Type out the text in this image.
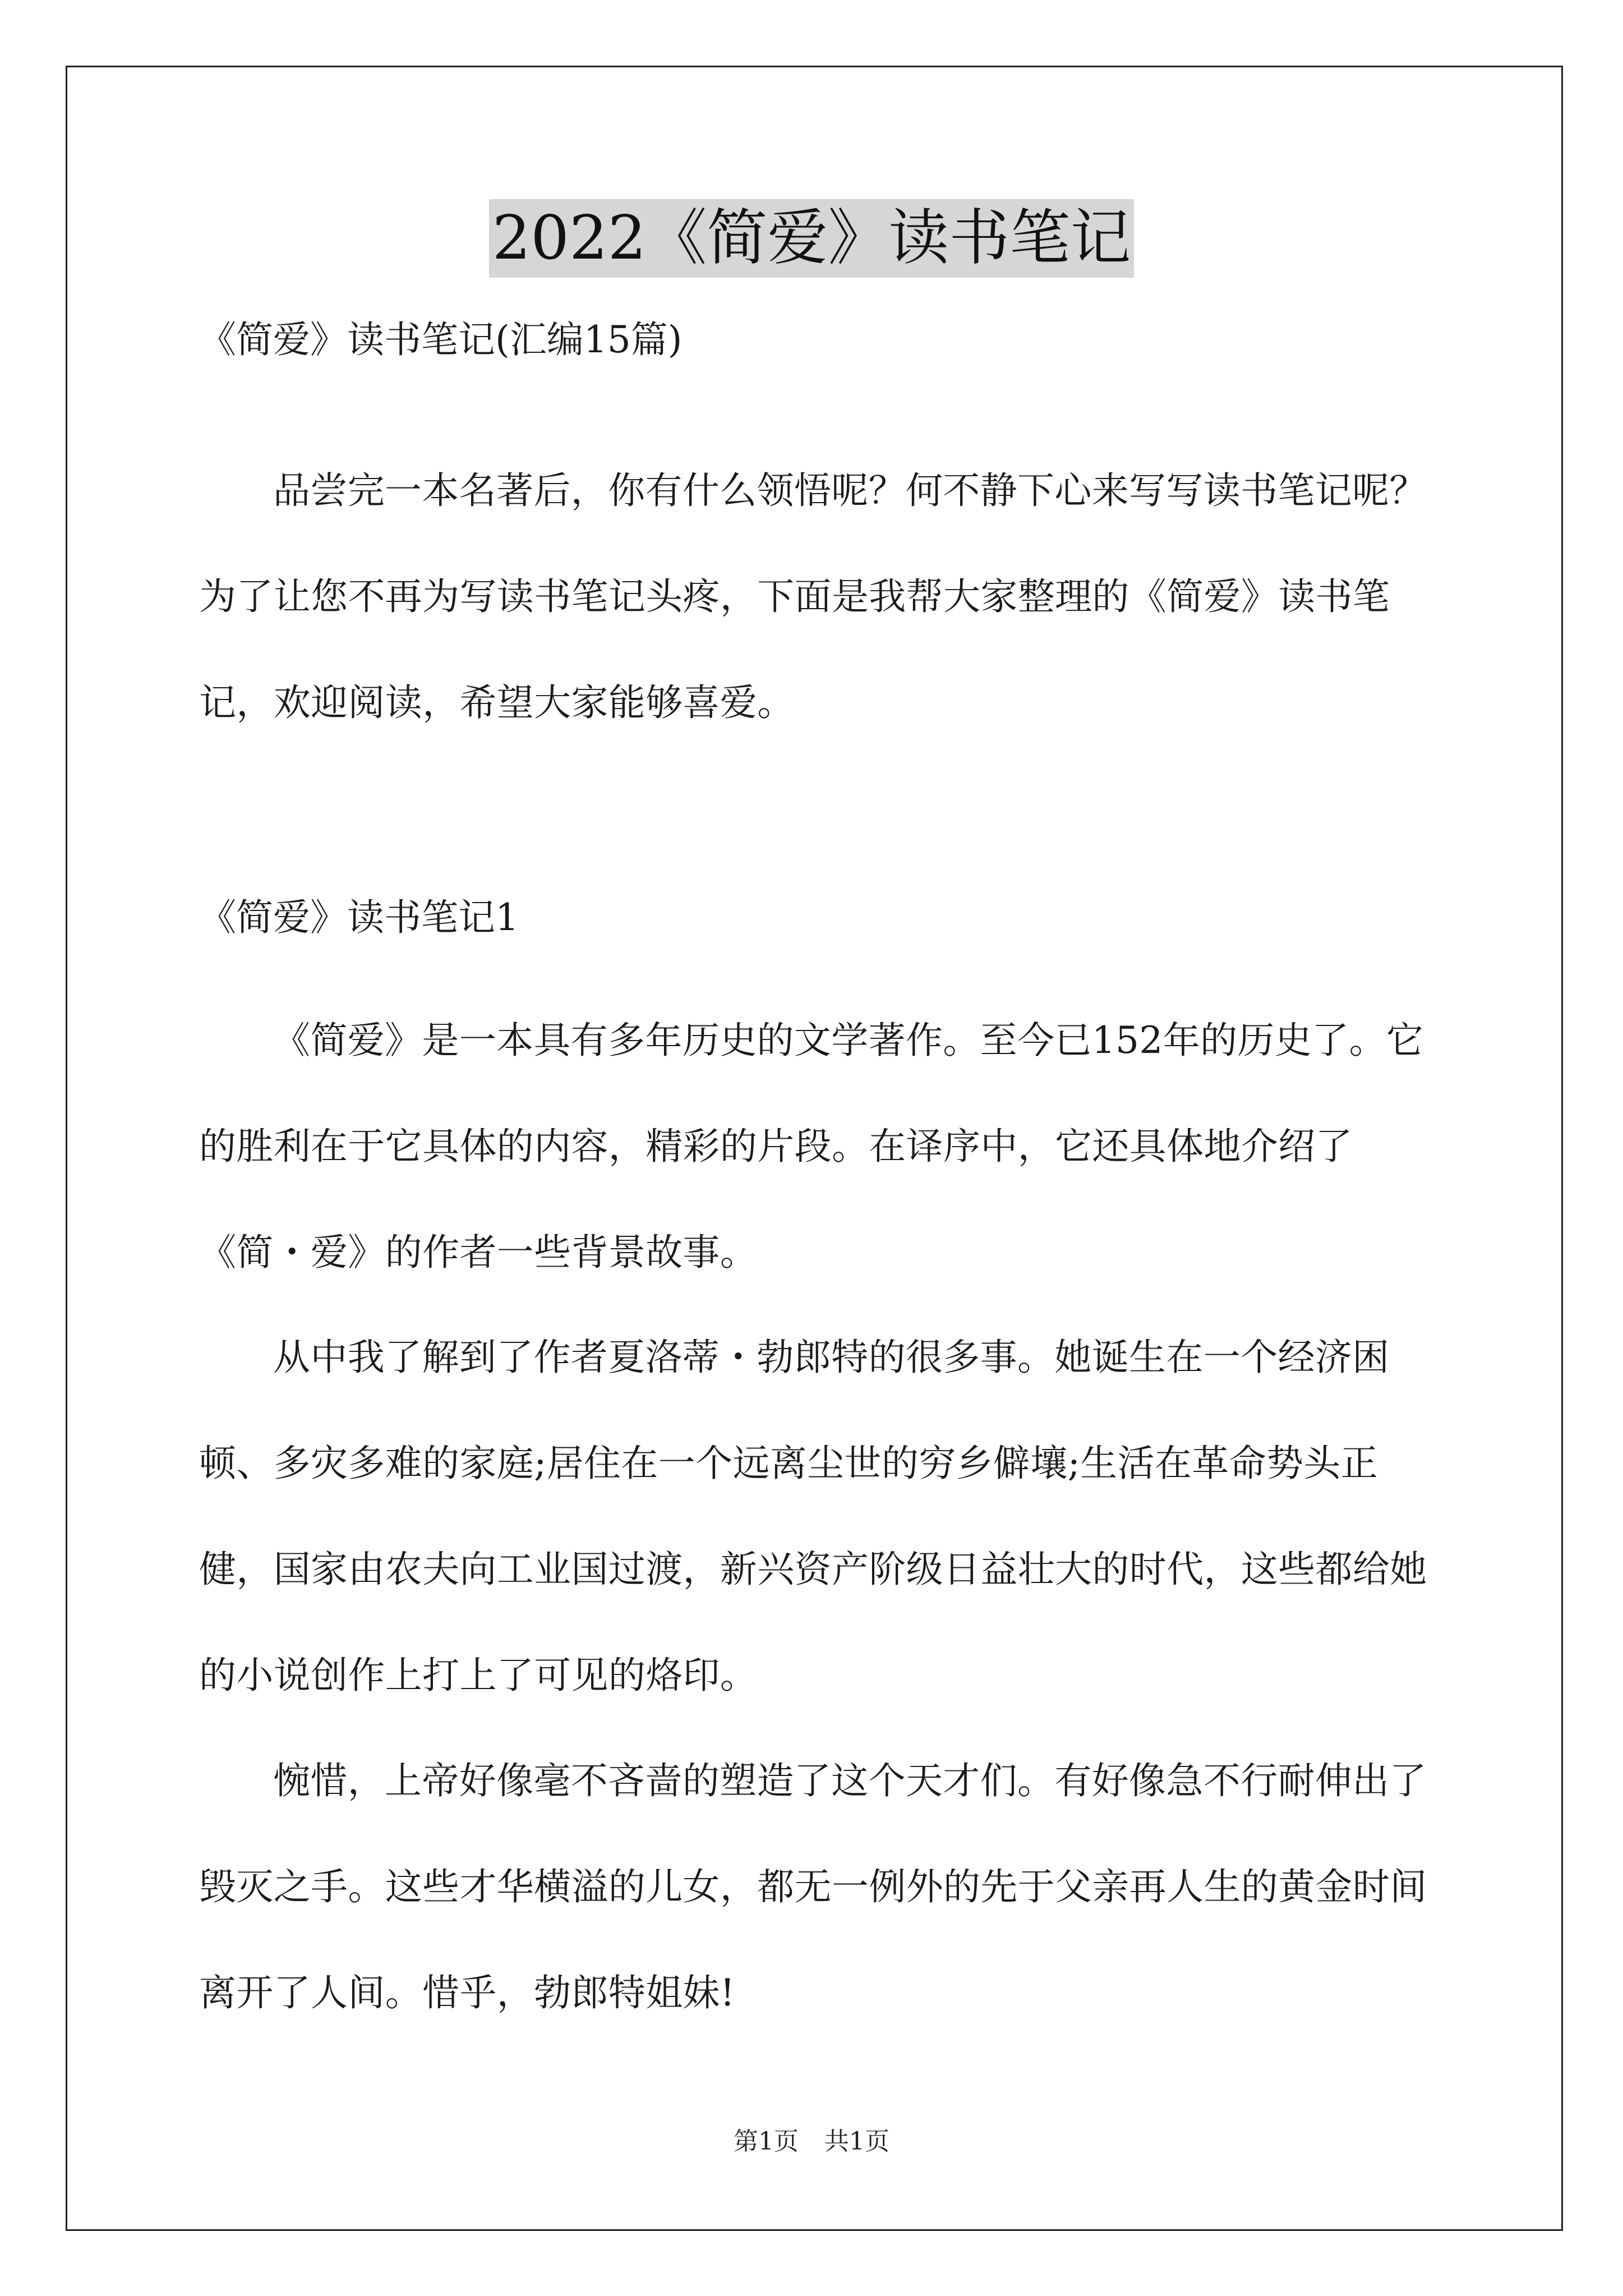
2022《简爱》读书笔记
《简爱》读书笔记(汇编15篇)
品尝完一本名著后，你有什么领悟呢？何不静下心来写写读书笔记呢？为了让您不再为写读书笔记头疼，下面是我帮大家整理的《简爱》读书笔记，欢迎阅读，希望大家能够喜爱。
《简爱》读书笔记1
《简爱》是一本具有多年历史的文学著作。至今已152年的历史了。它的胜利在于它具体的内容，精彩的片段。在译序中，它还具体地介绍了《简・爱》的作者一些背景故事。
从中我了解到了作者夏洛蒂・勃郎特的很多事。她诞生在一个经济困顿、多灾多难的家庭;居住在一个远离尘世的穷乡僻壤;生活在革命势头正健，国家由农夫向工业国过渡，新兴资产阶级日益壮大的时代，这些都给她的小说创作上打上了可见的烙印。
惋惜，上帝好像毫不吝啬的塑造了这个天才们。有好像急不行耐伸出了毁灭之手。这些才华横溢的儿女，都无一例外的先于父亲再人生的黄金时间离开了人间。惜乎，勃郎特姐妹!
第1页 共1页
